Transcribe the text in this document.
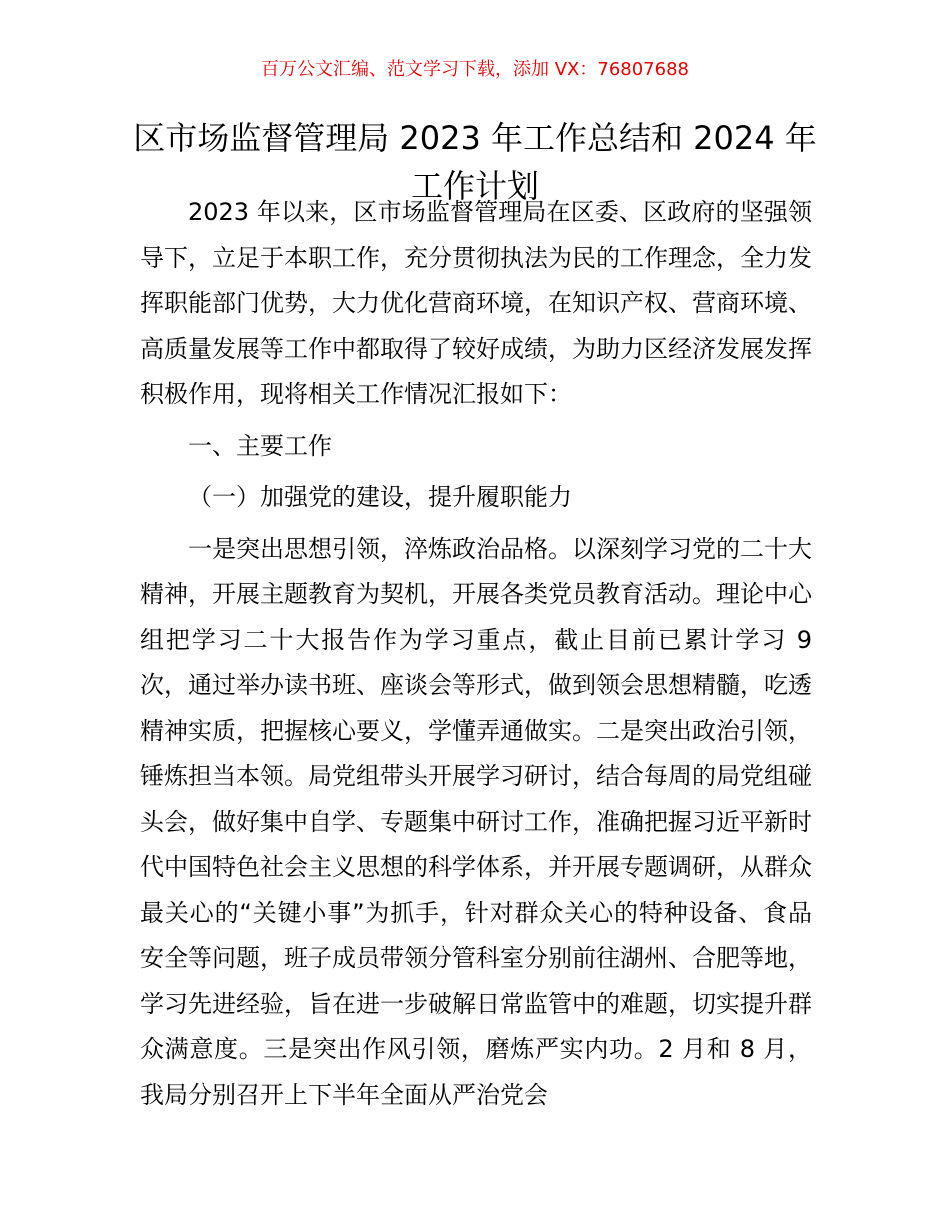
百万公文汇编、范文学习下载，添加 VX：76807688
区市场监督管理局 2023 年工作总结和 2024 年工作计划

2023 年以来，区市场监督管理局在区委、区政府的坚强领导下，立足于本职工作，充分贯彻执法为民的工作理念，全力发挥职能部门优势，大力优化营商环境，在知识产权、营商环境、高质量发展等工作中都取得了较好成绩，为助力区经济发展发挥积极作用，现将相关工作情况汇报如下：

一、主要工作

（一）加强党的建设，提升履职能力

一是突出思想引领，淬炼政治品格。以深刻学习党的二十大精神，开展主题教育为契机，开展各类党员教育活动。理论中心组把学习二十大报告作为学习重点，截止目前已累计学习 9 次，通过举办读书班、座谈会等形式，做到领会思想精髓，吃透精神实质，把握核心要义，学懂弄通做实。二是突出政治引领，锤炼担当本领。局党组带头开展学习研讨，结合每周的局党组碰头会，做好集中自学、专题集中研讨工作，准确把握习近平新时代中国特色社会主义思想的科学体系，并开展专题调研，从群众最关心的“关键小事”为抓手，针对群众关心的特种设备、食品安全等问题，班子成员带领分管科室分别前往湖州、合肥等地，学习先进经验，旨在进一步破解日常监管中的难题，切实提升群众满意度。三是突出作风引领，磨炼严实内功。2 月和 8 月，我局分别召开上下半年全面从严治党会
